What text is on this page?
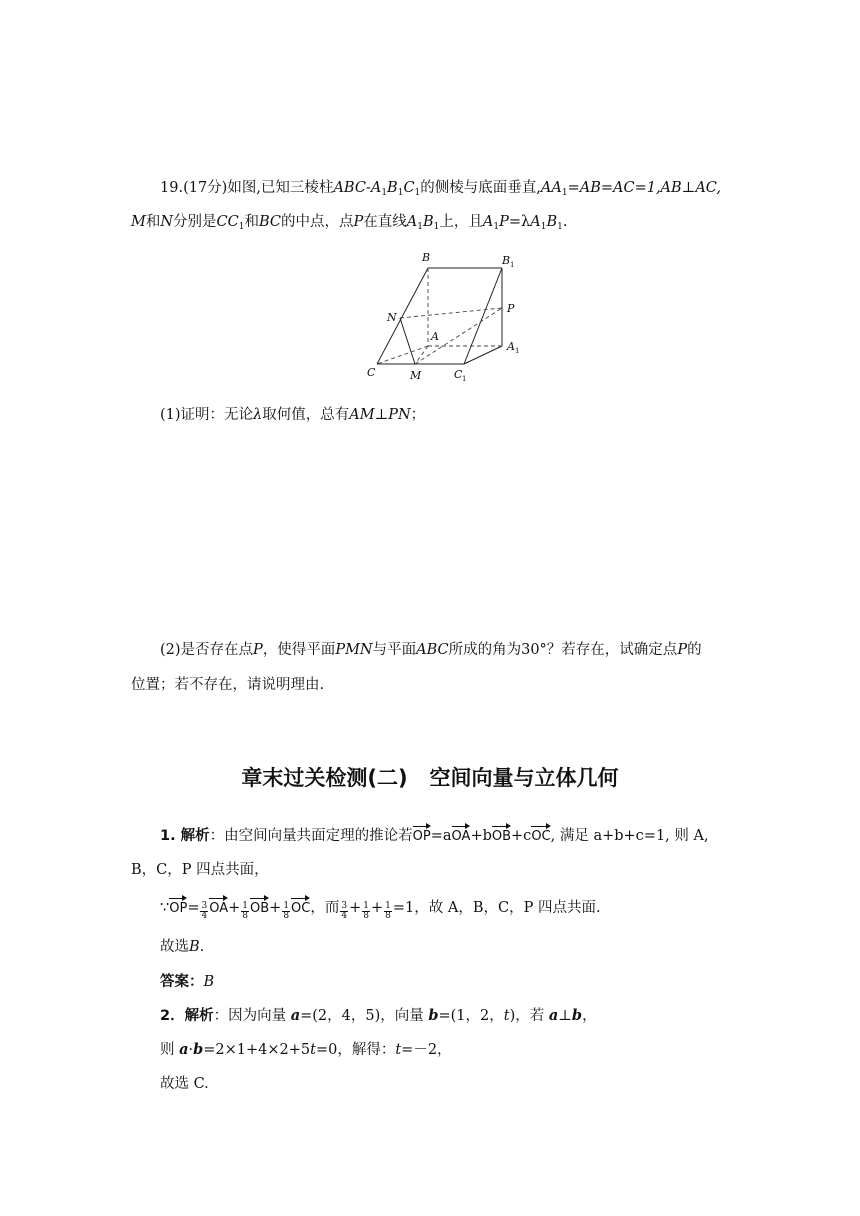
19.(17分)如图,已知三棱柱ABC-$A_1B_1C_1$的侧棱与底面垂直$,AA_1=AB=AC=1,AB\perp AC$,
M和N分别是$CC_1$和BC的中点，点P在直线$A_1B_1$上，且$A_1P=\lambda A_1B_1$.
B	B 1
P
N
A
A 1
C	M	C 1
(1)证明：无论λ取何值，总有AM⊥PN；
(2)是否存在点P，使得平面PMN与平面ABC所成的角为30°？若存在，试确定点P的
位置；若不存在，请说明理由.
章末过关检测(二)   空间向量与立体几何
1. 解析：由空间向量共面定理的推论若OP=aOA+bOB+cOC, 满足 a+b+c=1, 则 A,
B，C，P 四点共面，
∵OP= $\frac{3}{4} OA+ \frac{1}{8} OB+ \frac{1}{8}$ OC，而 $\frac{3}{4} + \frac{1}{8} + \frac{1}{8} =1$，故 A，B，C，P 四点共面.
故选B.
答案：B
2．解析：因为向量 a=(2，4，5)，向量 b=(1，2，t)，若 a⊥b，
则 a·b=2×1+4×2+5t=0，解得：t=－2，
故选 C.
